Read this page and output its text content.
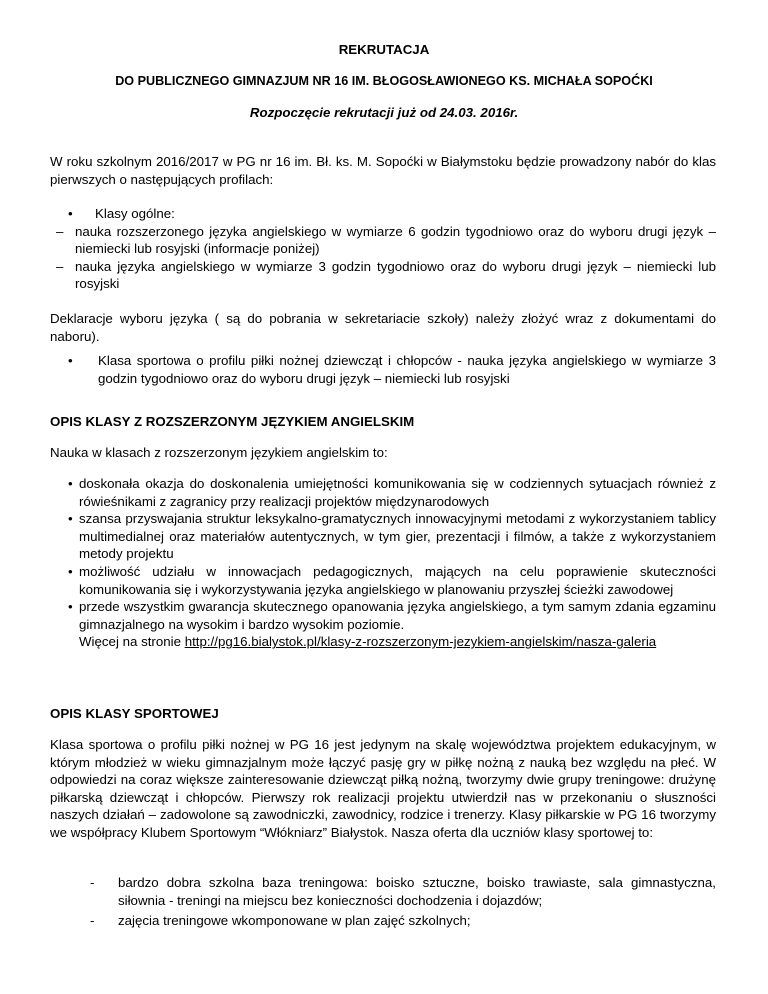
REKRUTACJA

DO PUBLICZNEGO GIMNAZJUM NR 16 IM. BŁOGOSŁAWIONEGO KS. MICHAŁA SOPOĆKI

Rozpoczęcie rekrutacji już od 24.03. 2016r.

W roku szkolnym 2016/2017 w PG nr 16 im. Bł. ks. M. Sopoćki w Białymstoku będzie prowadzony nabór do klas pierwszych o następujących profilach:

• Klasy ogólne:
– nauka rozszerzonego języka angielskiego w wymiarze 6 godzin tygodniowo oraz do wyboru drugi język – niemiecki lub rosyjski (informacje poniżej)
– nauka języka angielskiego w wymiarze 3 godzin tygodniowo oraz do wyboru drugi język – niemiecki lub rosyjski

Deklaracje wyboru języka ( są do pobrania w sekretariacie szkoły) należy złożyć wraz z dokumentami do naboru).

• Klasa sportowa o profilu piłki nożnej dziewcząt i chłopców - nauka języka angielskiego w wymiarze 3 godzin tygodniowo oraz do wyboru drugi język – niemiecki lub rosyjski

OPIS KLASY Z ROZSZERZONYM JĘZYKIEM ANGIELSKIM

Nauka w klasach z rozszerzonym językiem angielskim to:

• doskonała okazja do doskonalenia umiejętności komunikowania się w codziennych sytuacjach również z rówieśnikami z zagranicy przy realizacji projektów międzynarodowych
• szansa przyswajania struktur leksykalno-gramatycznych innowacyjnymi metodami z wykorzystaniem tablicy multimedialnej oraz materiałów autentycznych, w tym gier, prezentacji i filmów, a także z wykorzystaniem metody projektu
• możliwość udziału w innowacjach pedagogicznych, mających na celu poprawienie skuteczności komunikowania się i wykorzystywania języka angielskiego w planowaniu przyszłej ścieżki zawodowej
• przede wszystkim gwarancja skutecznego opanowania języka angielskiego, a tym samym zdania egzaminu gimnazjalnego na wysokim i bardzo wysokim poziomie.
Więcej na stronie http://pg16.bialystok.pl/klasy-z-rozszerzonym-jezykiem-angielskim/nasza-galeria

OPIS KLASY SPORTOWEJ

Klasa sportowa o profilu piłki nożnej w PG 16 jest jedynym na skalę województwa projektem edukacyjnym, w którym młodzież w wieku gimnazjalnym może łączyć pasję gry w piłkę nożną z nauką bez względu na płeć. W odpowiedzi na coraz większe zainteresowanie dziewcząt piłką nożną, tworzymy dwie grupy treningowe: drużynę piłkarską dziewcząt i chłopców. Pierwszy rok realizacji projektu utwierdził nas w przekonaniu o słuszności naszych działań – zadowolone są zawodniczki, zawodnicy, rodzice i trenerzy. Klasy piłkarskie w PG 16 tworzymy we współpracy Klubem Sportowym “Włókniarz” Białystok. Nasza oferta dla uczniów klasy sportowej to:

- bardzo dobra szkolna baza treningowa: boisko sztuczne, boisko trawiaste, sala gimnastyczna, siłownia - treningi na miejscu bez konieczności dochodzenia i dojazdów;
- zajęcia treningowe wkomponowane w plan zajęć szkolnych;
